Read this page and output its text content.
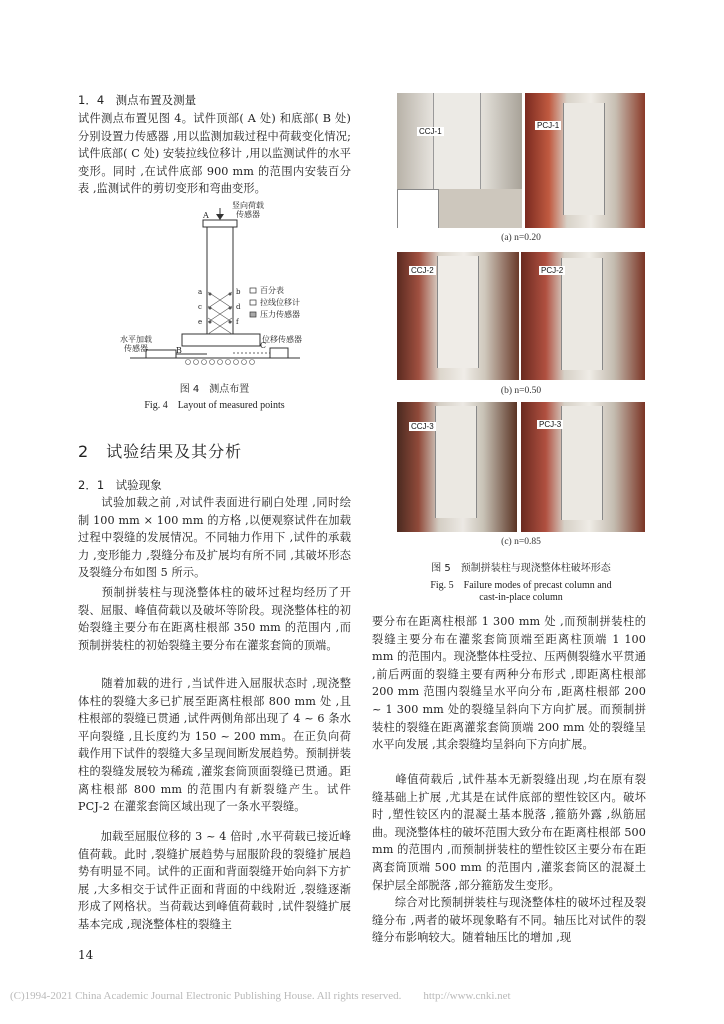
1．4　测点布置及测量

试件测点布置见图 4。试件顶部( A 处) 和底部( B 处) 分别设置力传感器 ,用以监测加载过程中荷载变化情况; 试件底部( C 处) 安装拉线位移计 ,用以监测试件的水平变形。同时 ,在试件底部 900 mm 的范围内安装百分表 ,监测试件的剪切变形和弯曲变形。

竖向荷载
传感器
A
B
C
百分表
拉线位移计
压力传感器
水平加载
传感器
位移传感器
a	b
c	d
e	f
图 4　测点布置
Fig. 4　Layout of measured points
2　试验结果及其分析
2．1　试验现象

　　试验加载之前 ,对试件表面进行刷白处理 ,同时绘制 100 mm × 100 mm 的方格 ,以便观察试件在加载过程中裂缝的发展情况。不同轴力作用下 ,试件的承载力 ,变形能力 ,裂缝分布及扩展均有所不同 ,其破坏形态及裂缝分布如图 5 所示。

　　预制拼装柱与现浇整体柱的破坏过程均经历了开裂、屈服、峰值荷载以及破坏等阶段。现浇整体柱的初始裂缝主要分布在距离柱根部 350 mm 的范围内 ,而预制拼装柱的初始裂缝主要分布在灌浆套筒的顶端。

　　随着加载的进行 ,当试件进入屈服状态时 ,现浇整体柱的裂缝大多已扩展至距离柱根部 800 mm 处 ,且柱根部的裂缝已贯通 ,试件两侧角部出现了 4 ~ 6 条水平向裂缝 ,且长度约为 150 ~ 200 mm。在正负向荷载作用下试件的裂缝大多呈现间断发展趋势。预制拼装柱的裂缝发展较为稀疏 ,灌浆套筒顶面裂缝已贯通。距离柱根部 800 mm 的范围内有新裂缝产生。试件 PCJ-2 在灌浆套筒区域出现了一条水平裂缝。

　　加载至屈服位移的 3 ~ 4 倍时 ,水平荷载已接近峰值荷载。此时 ,裂缝扩展趋势与屈服阶段的裂缝扩展趋势有明显不同。试件的正面和背面裂缝开始向斜下方扩展 ,大多相交于试件正面和背面的中线附近 ,裂缝逐渐形成了网格状。当荷载达到峰值荷载时 ,试件裂缝扩展基本完成 ,现浇整体柱的裂缝主

CCJ-1
PCJ-1
(a) n=0.20
CCJ-2	PCJ-2
(b) n=0.50
CCJ-3	PCJ-3
(c) n=0.85
图 5　预制拼装柱与现浇整体柱破坏形态
Fig. 5　Failure modes of precast column and
cast-in-place column

要分布在距离柱根部 1 300 mm 处 ,而预制拼装柱的裂缝主要分布在灌浆套筒顶端至距离柱顶端 1 100 mm 的范围内。现浇整体柱受拉、压两侧裂缝水平贯通 ,前后两面的裂缝主要有两种分布形式 ,即距离柱根部 200 mm 范围内裂缝呈水平向分布 ,距离柱根部 200 ~ 1 300 mm 处的裂缝呈斜向下方向扩展。而预制拼装柱的裂缝在距离灌浆套筒顶端 200 mm 处的裂缝呈水平向发展 ,其余裂缝均呈斜向下方向扩展。

　　峰值荷载后 ,试件基本无新裂缝出现 ,均在原有裂缝基础上扩展 ,尤其是在试件底部的塑性铰区内。破坏时 ,塑性铰区内的混凝土基本脱落 ,箍筋外露 ,纵筋屈曲。现浇整体柱的破坏范围大致分布在距离柱根部 500 mm 的范围内 ,而预制拼装柱的塑性铰区主要分布在距离套筒顶端 500 mm 的范围内 ,灌浆套筒区的混凝土保护层全部脱落 ,部分箍筋发生变形。

　　综合对比预制拼装柱与现浇整体柱的破坏过程及裂缝分布 ,两者的破坏现象略有不同。轴压比对试件的裂缝分布影响较大。随着轴压比的增加 ,现

14
(C)1994-2021 China Academic Journal Electronic Publishing House. All rights reserved.　　http://www.cnki.net
